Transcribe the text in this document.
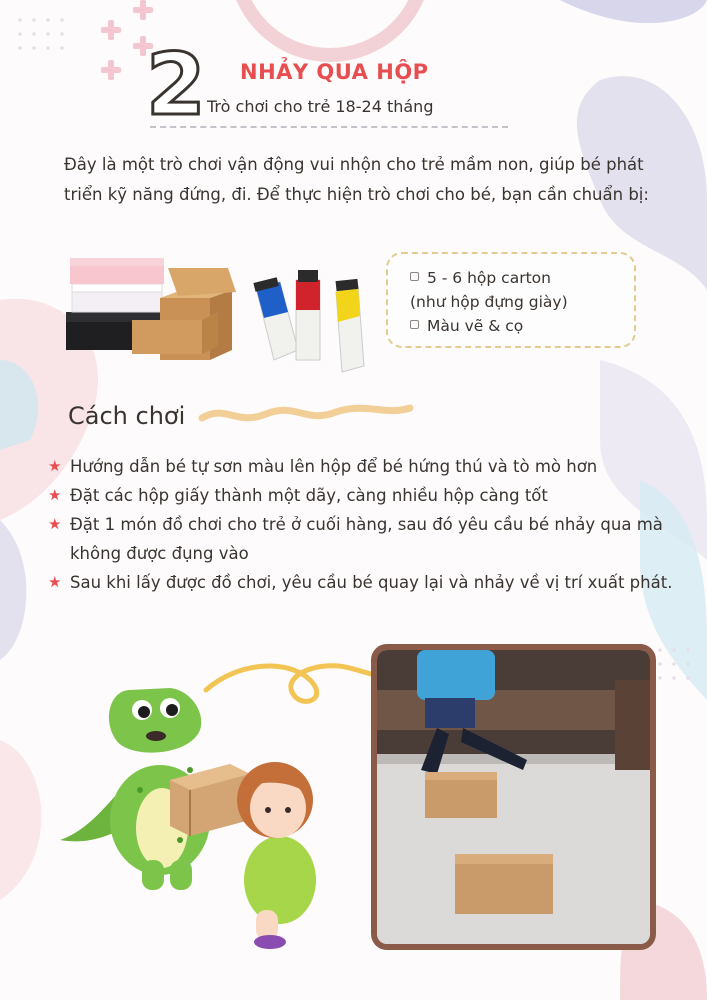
2 NHẢY QUA HỘP
Trò chơi cho trẻ 18-24 tháng
Đây là một trò chơi vận động vui nhộn cho trẻ mầm non, giúp bé phát triển kỹ năng đứng, đi. Để thực hiện trò chơi cho bé, bạn cần chuẩn bị:
5 - 6 hộp carton
(như hộp đựng giày)
Màu vẽ & cọ
Cách chơi
★ Hướng dẫn bé tự sơn màu lên hộp để bé hứng thú và tò mò hơn
★ Đặt các hộp giấy thành một dãy, càng nhiều hộp càng tốt
★ Đặt 1 món đồ chơi cho trẻ ở cuối hàng, sau đó yêu cầu bé nhảy qua mà không được đụng vào
★ Sau khi lấy được đồ chơi, yêu cầu bé quay lại và nhảy về vị trí xuất phát.
